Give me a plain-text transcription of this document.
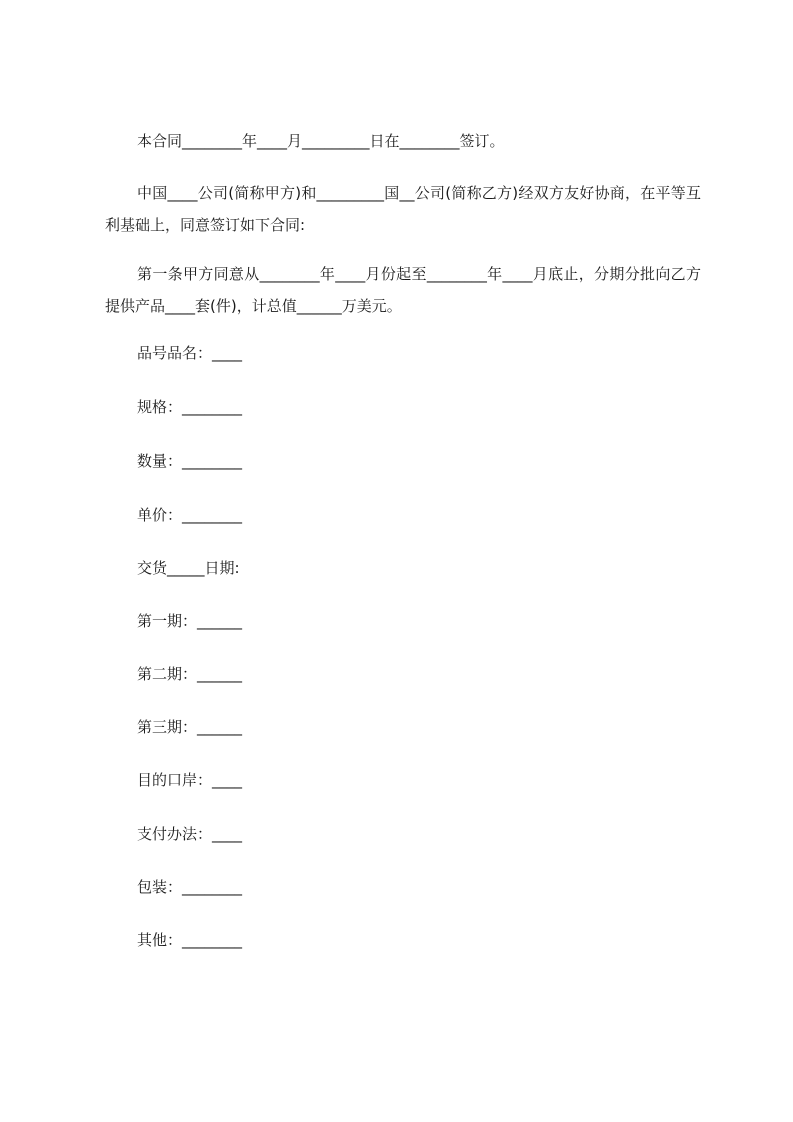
本合同________年____月_________日在________签订。

中国____公司(简称甲方)和_________国__公司(简称乙方)经双方友好协商，在平等互利基础上，同意签订如下合同:

第一条甲方同意从________年____月份起至________年____月底止，分期分批向乙方提供产品____套(件)，计总值______万美元。

品号品名：____
规格：________
数量：________
单价：________
交货_____日期:
第一期：______
第二期：______
第三期：______
目的口岸：____
支付办法：____
包装：________
其他：________
